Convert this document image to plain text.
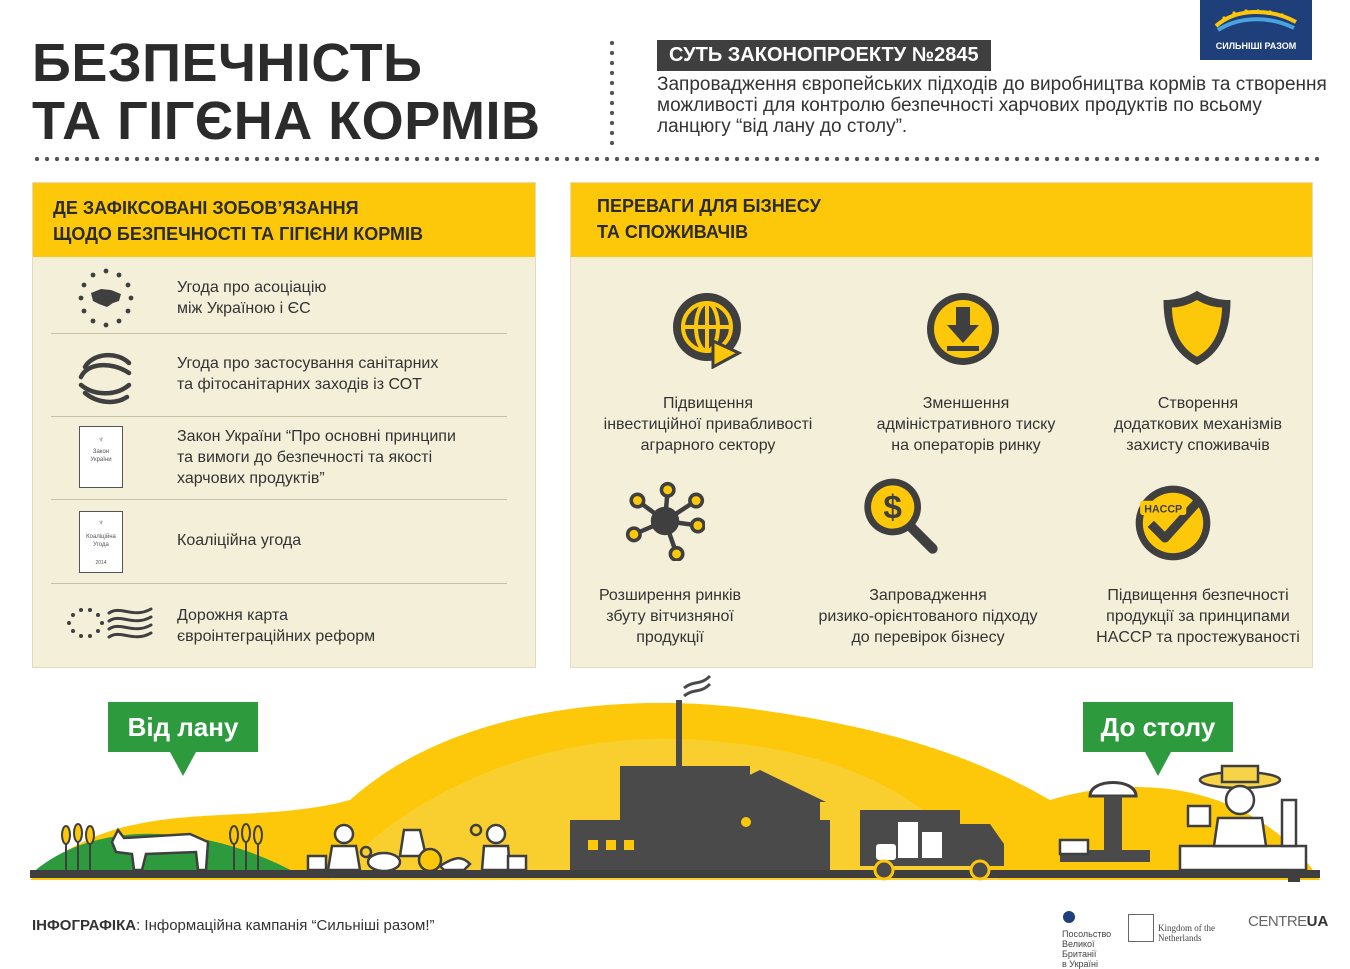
БЕЗПЕЧНІСТЬ
ТА ГІГЄНА КОРМІВ
СУТЬ ЗАКОНОПРОЕКТУ №2845
Запровадження європейських підходів до виробництва кормів та створення можливості для контролю безпечності харчових продуктів по всьому ланцюгу “від лану до столу”.
СИЛЬНІШІ РАЗОМ
ДЕ ЗАФІКСОВАНІ ЗОБОВ’ЯЗАННЯ
ЩОДО БЕЗПЕЧНОСТІ ТА ГІГІЄНИ КОРМІВ
Угода про асоціацію
між Україною і ЄС
Угода про застосування санітарних
та фітосанітарних заходів із СОТ
♆
Закон
України
Закон України “Про основні принципи
та вимоги до безпечності та якості
харчових продуктів”
♆
Коаліційна
Угода
2014
Коаліційна угода
Дорожня карта
євроінтеграційних реформ
ПЕРЕВАГИ ДЛЯ БІЗНЕСУ
ТА СПОЖИВАЧІВ
Підвищення
інвестиційної привабливості
аграрного сектору
Зменшення
адміністративного тиску
на операторів ринку
Створення
додаткових механізмів
захисту споживачів
Розширення ринків
збуту вітчизняної
продукції
$
Запровадження
ризико-орієнтованого підходу
до перевірок бізнесу
HACCP
Підвищення безпечності
продукції за принципами
HACCP та простежуваності
Від лану	До столу
ІНФОГРАФІКА: Інформаційна кампанія “Сильніші разом!”	Посольство
Великої Британії
в Україні
Kingdom of the Netherlands
CENTREUA
